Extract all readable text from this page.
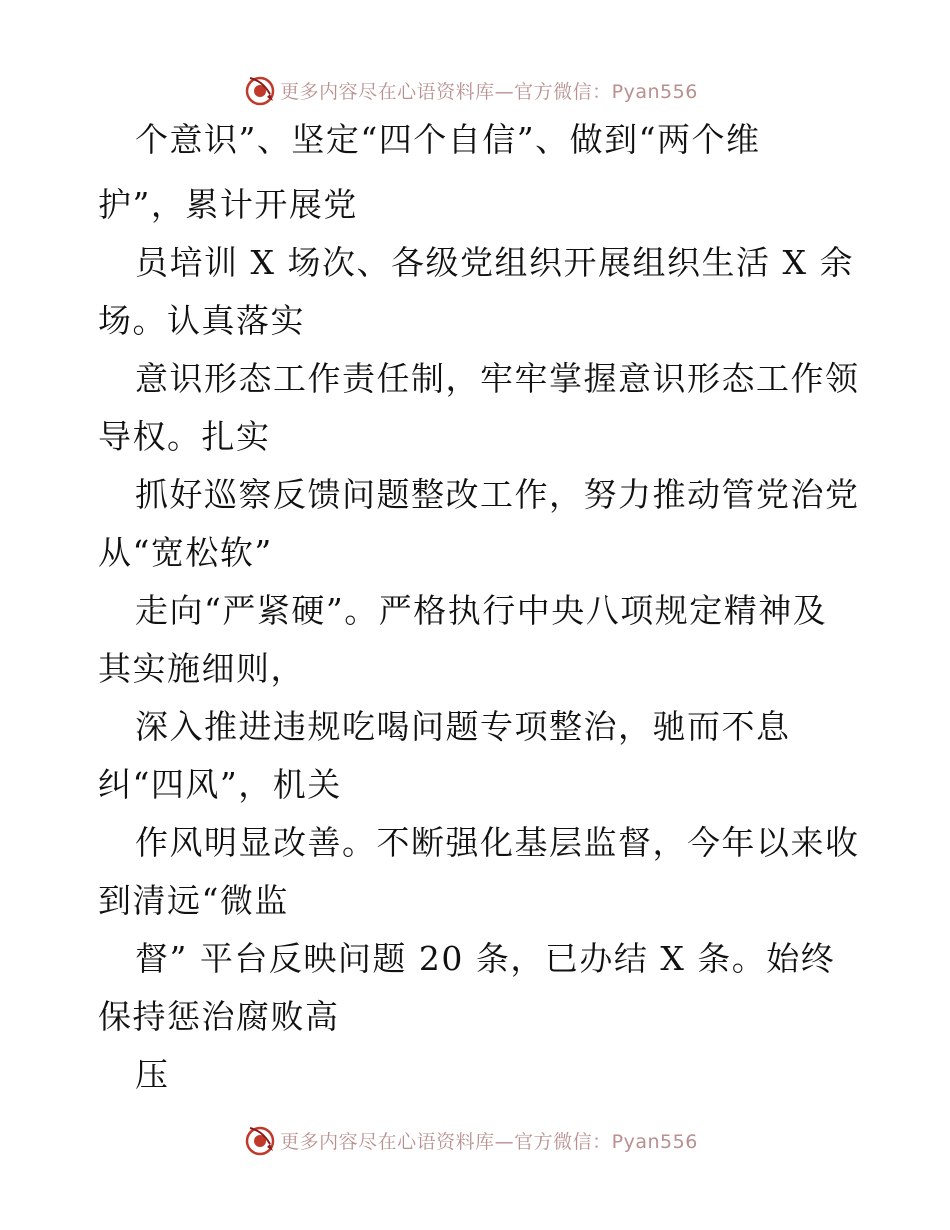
更多内容尽在心语资料库—官方微信：Pyan556
个意识”、坚定“四个自信”、做到“两个维
护”，累计开展党
员培训 X 场次、各级党组织开展组织生活 X 余
场。认真落实
意识形态工作责任制，牢牢掌握意识形态工作领
导权。扎实
抓好巡察反馈问题整改工作，努力推动管党治党
从“宽松软”
走向“严紧硬”。严格执行中央八项规定精神及
其实施细则，
深入推进违规吃喝问题专项整治，驰而不息
纠“四风”，机关
作风明显改善。不断强化基层监督，今年以来收
到清远“微监
督” 平台反映问题 20 条，已办结 X 条。始终
保持惩治腐败高
压
更多内容尽在心语资料库—官方微信：Pyan556
